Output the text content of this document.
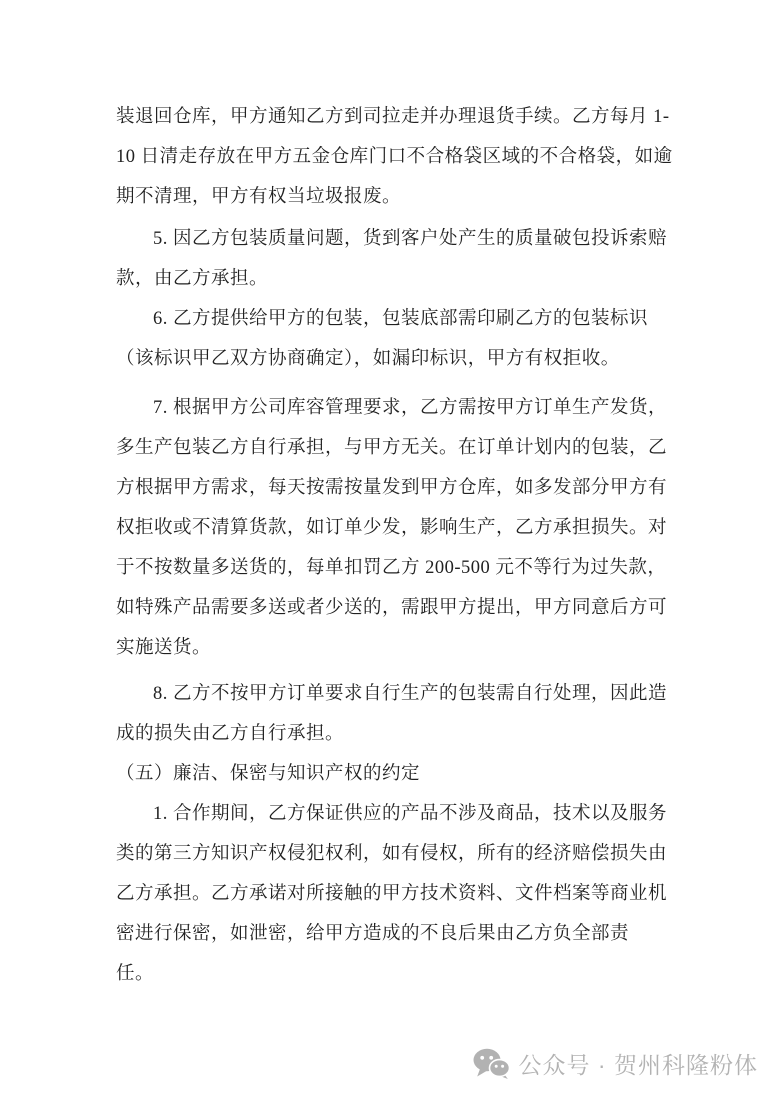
装退回仓库，甲方通知乙方到司拉走并办理退货手续。乙方每月 1-
10 日清走存放在甲方五金仓库门口不合格袋区域的不合格袋，如逾
期不清理，甲方有权当垃圾报废。
5. 因乙方包装质量问题，货到客户处产生的质量破包投诉索赔
款，由乙方承担。
6. 乙方提供给甲方的包装，包装底部需印刷乙方的包装标识
（该标识甲乙双方协商确定），如漏印标识，甲方有权拒收。
7. 根据甲方公司库容管理要求，乙方需按甲方订单生产发货，
多生产包装乙方自行承担，与甲方无关。在订单计划内的包装，乙
方根据甲方需求，每天按需按量发到甲方仓库，如多发部分甲方有
权拒收或不清算货款，如订单少发，影响生产，乙方承担损失。对
于不按数量多送货的，每单扣罚乙方 200-500 元不等行为过失款，
如特殊产品需要多送或者少送的，需跟甲方提出，甲方同意后方可
实施送货。
8. 乙方不按甲方订单要求自行生产的包装需自行处理，因此造
成的损失由乙方自行承担。
（五）廉洁、保密与知识产权的约定
1. 合作期间，乙方保证供应的产品不涉及商品，技术以及服务
类的第三方知识产权侵犯权利，如有侵权，所有的经济赔偿损失由
乙方承担。乙方承诺对所接触的甲方技术资料、文件档案等商业机
密进行保密，如泄密，给甲方造成的不良后果由乙方负全部责
任。
公众号 · 贺州科隆粉体
